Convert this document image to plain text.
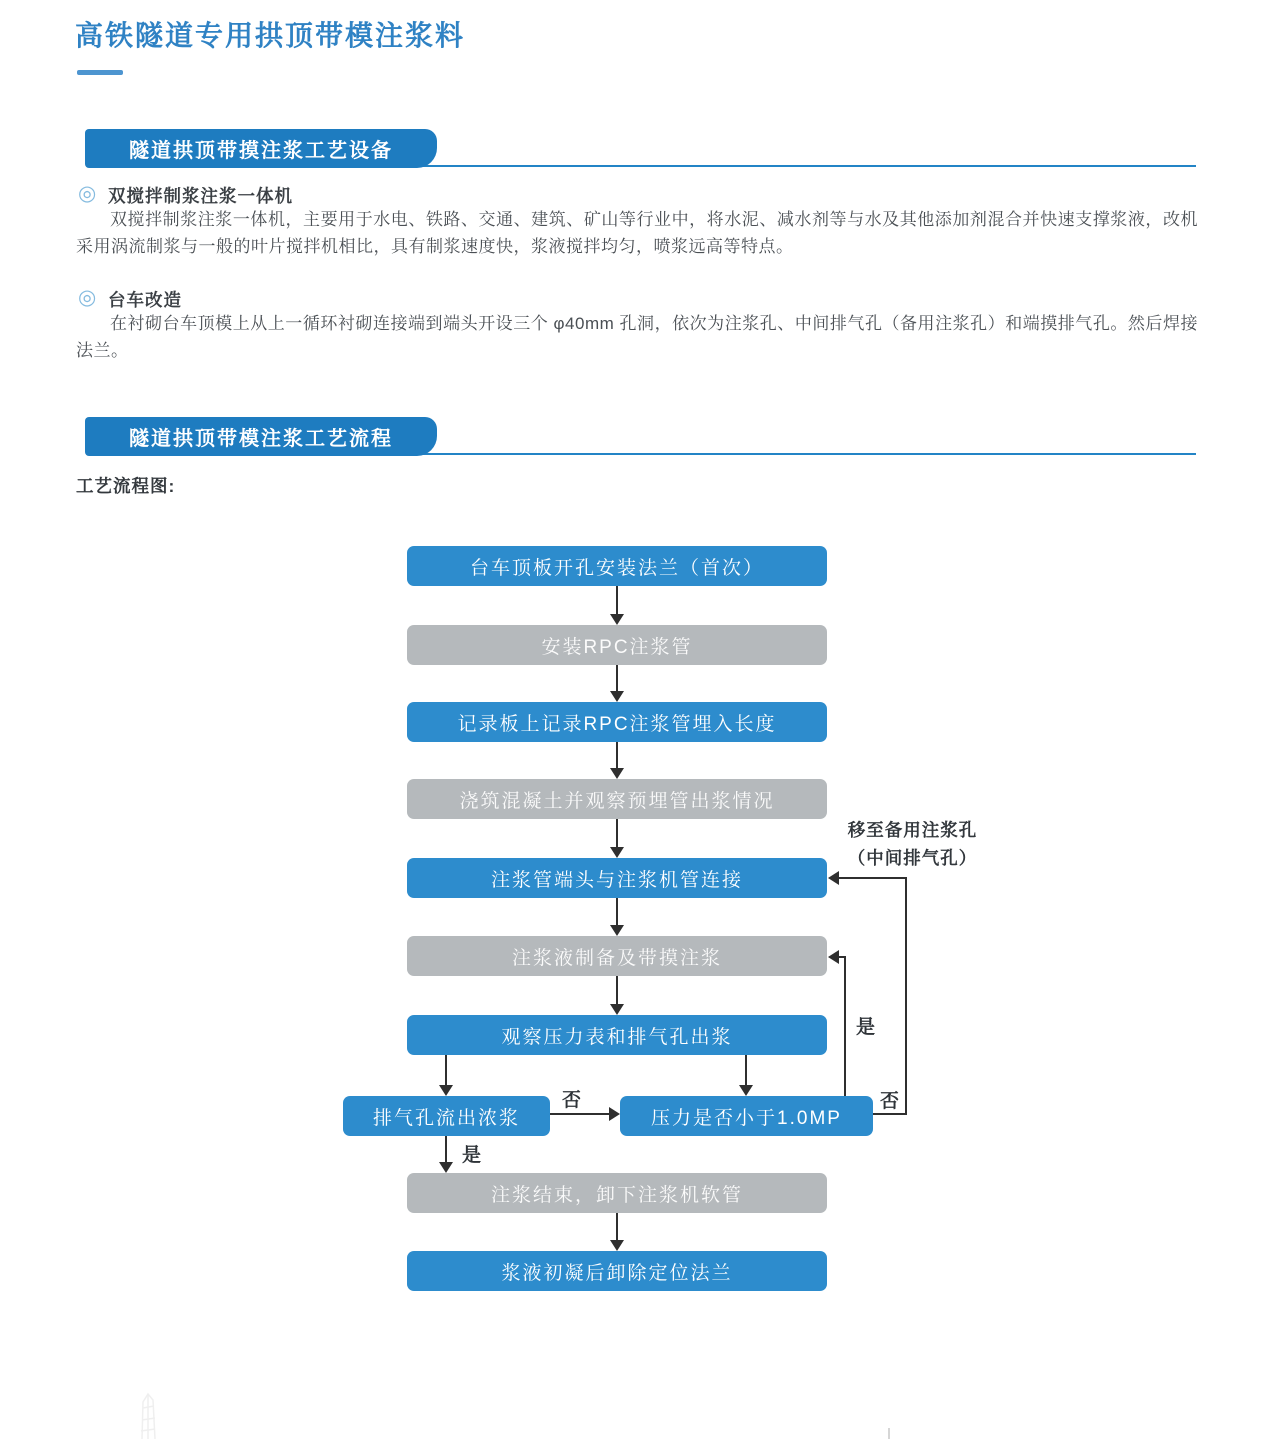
高铁隧道专用拱顶带模注浆料
隧道拱顶带摸注浆工艺设备
◎ 双搅拌制浆注浆一体机

双搅拌制浆注浆一体机，主要用于水电、铁路、交通、建筑、矿山等行业中，将水泥、减水剂等与水及其他添加剂混合并快速支撑浆液，改机采用涡流制浆与一般的叶片搅拌机相比，具有制浆速度快，浆液搅拌均匀，喷浆远高等特点。

◎ 台车改造

在衬砌台车顶模上从上一循环衬砌连接端到端头开设三个 φ40mm 孔洞，依次为注浆孔、中间排气孔（备用注浆孔）和端摸排气孔。然后焊接法兰。

隧道拱顶带模注浆工艺流程
工艺流程图:
台车顶板开孔安装法兰（首次）
安装RPC注浆管
记录板上记录RPC注浆管埋入长度
浇筑混凝土并观察预埋管出浆情况
注浆管端头与注浆机管连接
注浆液制备及带摸注浆
观察压力表和排气孔出浆
排气孔流出浓浆	压力是否小于1.0MP
注浆结束，卸下注浆机软管
浆液初凝后卸除定位法兰
否
是
是
否
移至备用注浆孔
（中间排气孔）
